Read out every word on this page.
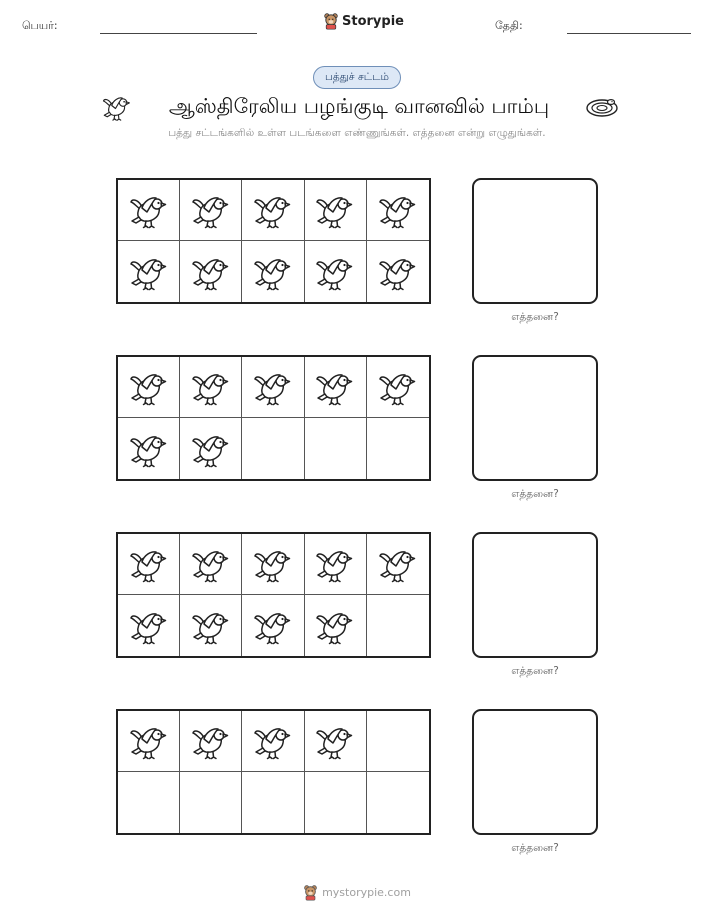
பெயர்:	Storypie	தேதி:
பத்துச் சட்டம்
ஆஸ்திரேலிய பழங்குடி வானவில் பாம்பு
பத்து சட்டங்களில் உள்ள படங்களை எண்ணுங்கள். எத்தனை என்று எழுதுங்கள்.
எத்தனை?
எத்தனை?
எத்தனை?
எத்தனை?
mystorypie.com
